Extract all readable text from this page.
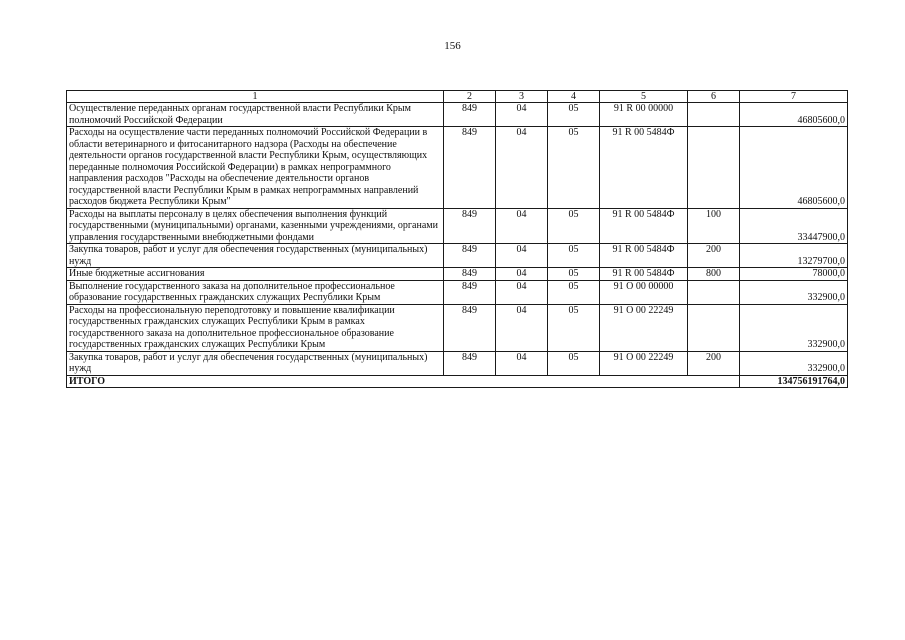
156
1	2	3	4	5	6	7
Осуществление переданных органам государственной власти Республики Крым полномочий Российской Федерации	849	04	05	91 R 00 00000		46805600,0
Расходы на осуществление части переданных полномочий Российской Федерации в области ветеринарного и фитосанитарного надзора (Расходы на обеспечение деятельности органов государственной власти Республики Крым, осуществляющих переданные полномочия Российской Федерации) в рамках непрограммного направления расходов "Расходы на обеспечение деятельности органов государственной власти Республики Крым в рамках непрограммных направлений расходов бюджета Республики Крым"	849	04	05	91 R 00 5484Ф		46805600,0
Расходы на выплаты персоналу в целях обеспечения выполнения функций государственными (муниципальными) органами, казенными учреждениями, органами управления государственными внебюджетными фондами	849	04	05	91 R 00 5484Ф	100	33447900,0
Закупка товаров, работ и услуг для обеспечения государственных (муниципальных) нужд	849	04	05	91 R 00 5484Ф	200	13279700,0
Иные бюджетные ассигнования	849	04	05	91 R 00 5484Ф	800	78000,0
Выполнение государственного заказа на дополнительное профессиональное образование государственных гражданских служащих Республики Крым	849	04	05	91 О 00 00000		332900,0
Расходы на профессиональную переподготовку и повышение квалификации государственных гражданских служащих Республики Крым в рамках государственного заказа на дополнительное профессиональное образование государственных гражданских служащих Республики Крым	849	04	05	91 О 00 22249		332900,0
Закупка товаров, работ и услуг для обеспечения государственных (муниципальных) нужд	849	04	05	91 О 00 22249	200	332900,0
ИТОГО						134756191764,0
